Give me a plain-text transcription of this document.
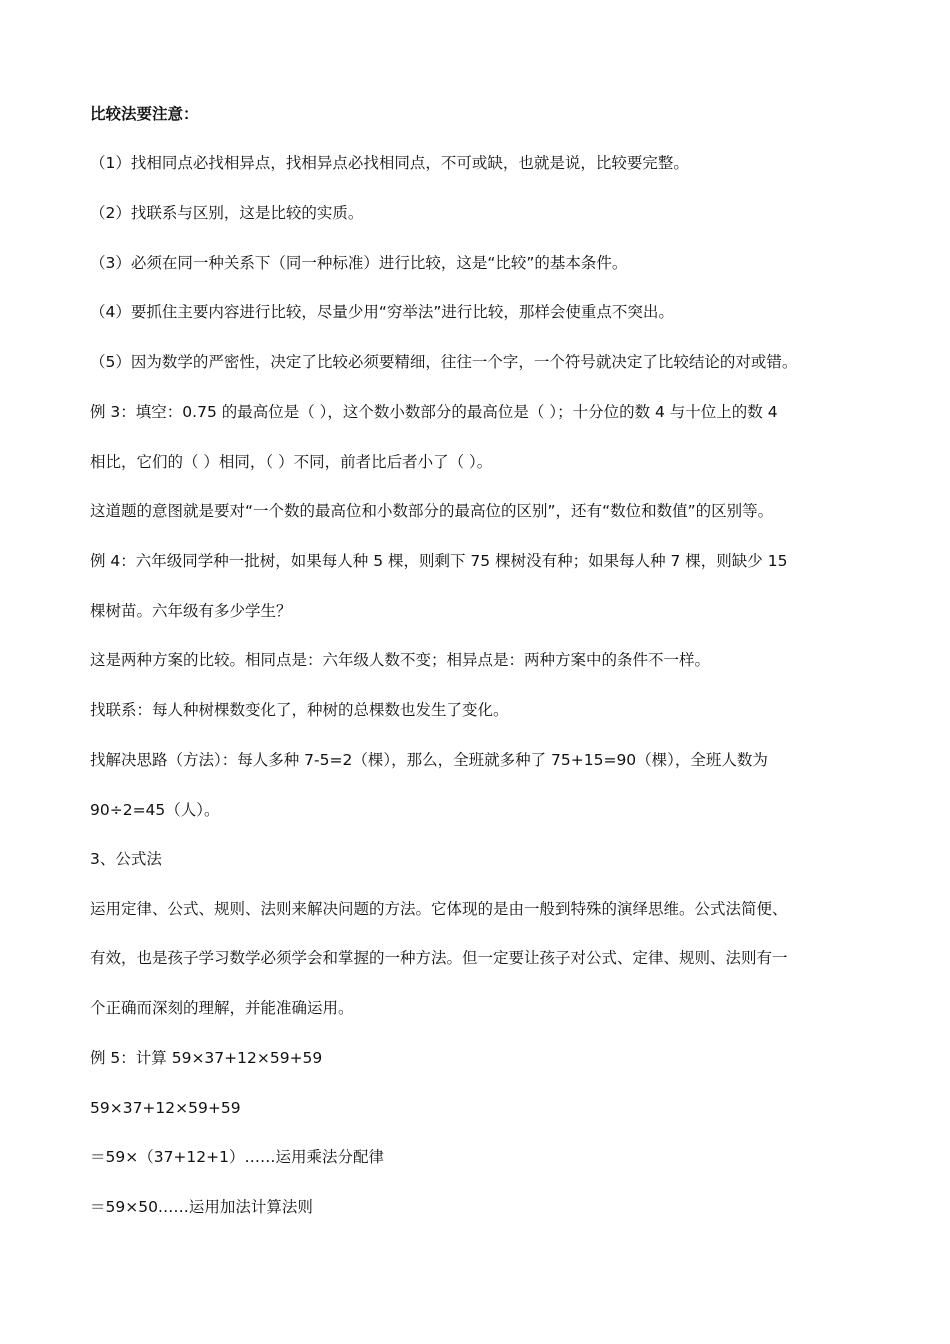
比较法要注意：
（1）找相同点必找相异点，找相异点必找相同点，不可或缺，也就是说，比较要完整。
（2）找联系与区别，这是比较的实质。
（3）必须在同一种关系下（同一种标准）进行比较，这是“比较”的基本条件。
（4）要抓住主要内容进行比较，尽量少用“穷举法”进行比较，那样会使重点不突出。
（5）因为数学的严密性，决定了比较必须要精细，往往一个字，一个符号就决定了比较结论的对或错。
例 3：填空：0.75 的最高位是（ ），这个数小数部分的最高位是（ ）；十分位的数 4 与十位上的数 4
相比，它们的（ ）相同，（ ）不同，前者比后者小了（ ）。
这道题的意图就是要对“一个数的最高位和小数部分的最高位的区别”，还有“数位和数值”的区别等。
例 4：六年级同学种一批树，如果每人种 5 棵，则剩下 75 棵树没有种；如果每人种 7 棵，则缺少 15
棵树苗。六年级有多少学生？
这是两种方案的比较。相同点是：六年级人数不变；相异点是：两种方案中的条件不一样。
找联系：每人种树棵数变化了，种树的总棵数也发生了变化。
找解决思路（方法）：每人多种 7-5=2（棵），那么，全班就多种了 75+15=90（棵），全班人数为
90÷2=45（人）。
3、公式法
运用定律、公式、规则、法则来解决问题的方法。它体现的是由一般到特殊的演绎思维。公式法简便、
有效，也是孩子学习数学必须学会和掌握的一种方法。但一定要让孩子对公式、定律、规则、法则有一
个正确而深刻的理解，并能准确运用。
例 5：计算 59×37+12×59+59
59×37+12×59+59
＝59×（37+12+1）……运用乘法分配律
＝59×50……运用加法计算法则
